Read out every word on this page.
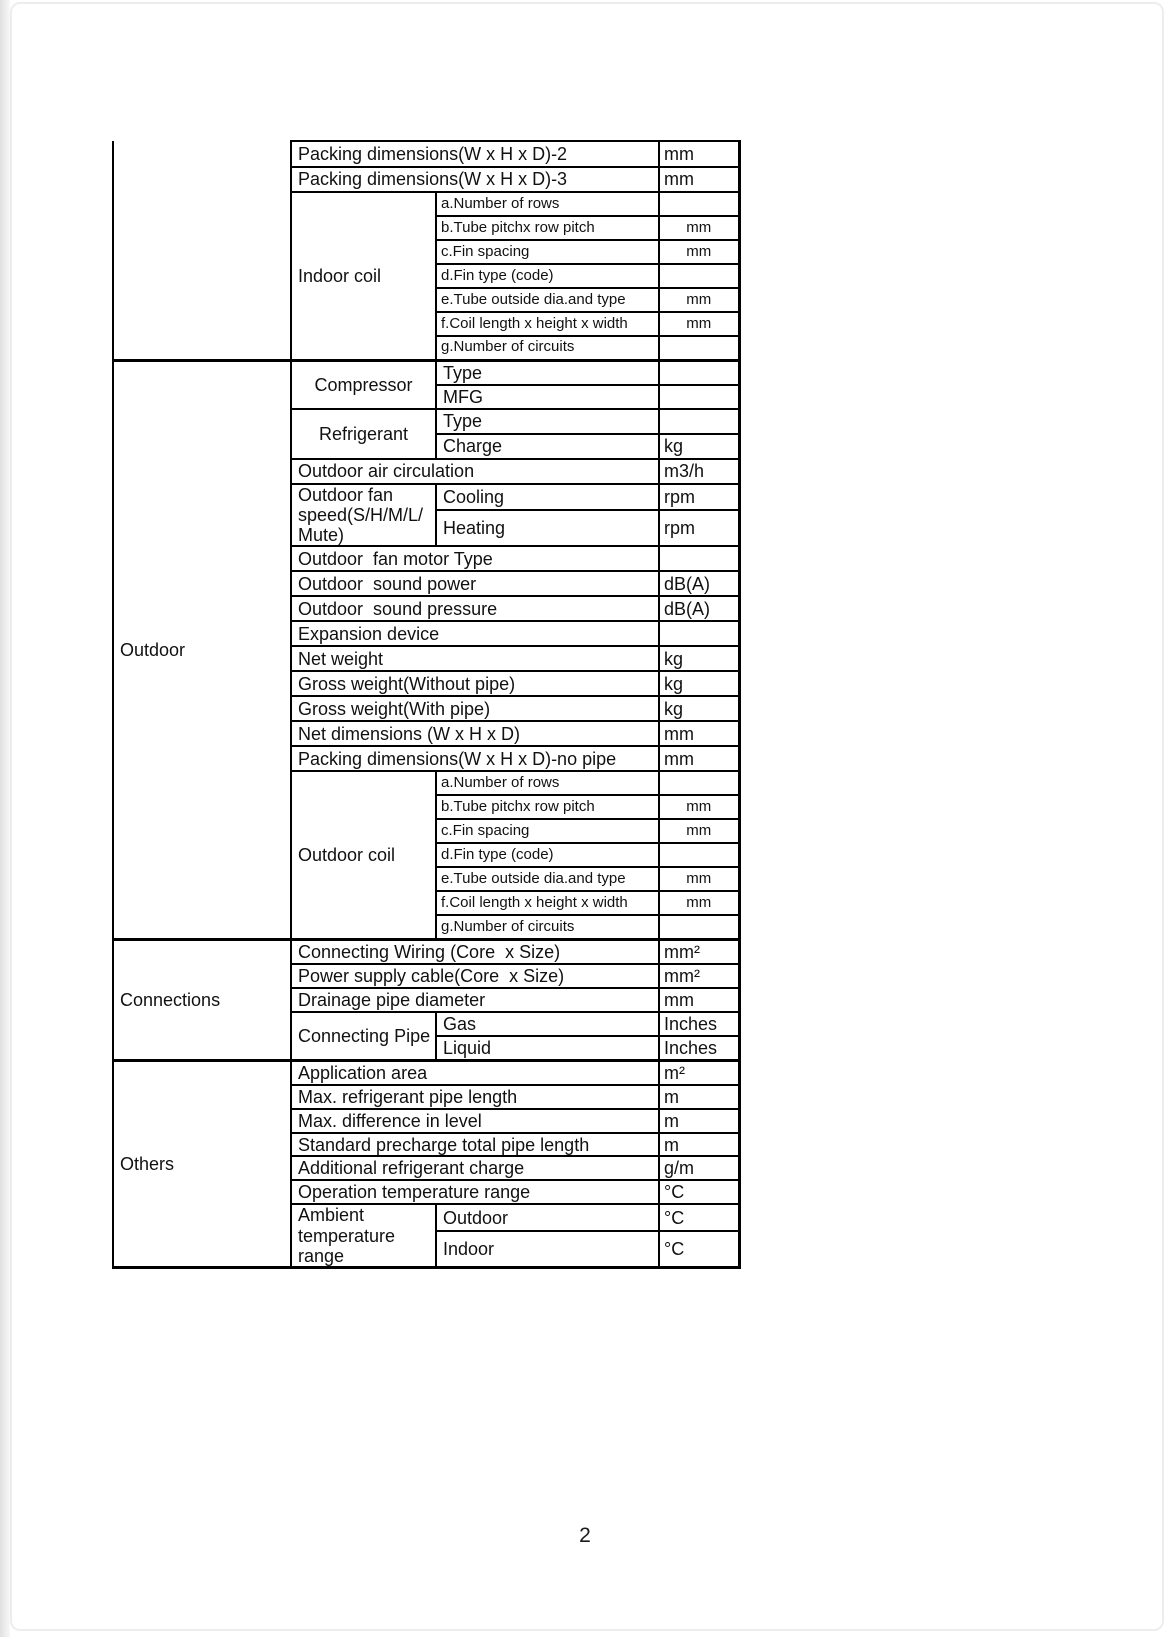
	Packing dimensions(W x H x D)-2		mm
	Packing dimensions(W x H x D)-3		mm
	Indoor coil	a.Number of rows	
		b.Tube pitchx row pitch	mm
		c.Fin spacing	mm
		d.Fin type (code)	
		e.Tube outside dia.and type	mm
		f.Coil length x height x width	mm
		g.Number of circuits	
Outdoor	Compressor	Type	
		MFG	
	Refrigerant	Type	
		Charge	kg
	Outdoor air circulation		m3/h
	Outdoor fan speed(S/H/M/L/Mute)	Cooling	rpm
		Heating	rpm
	Outdoor  fan motor Type		
	Outdoor  sound power		dB(A)
	Outdoor  sound pressure		dB(A)
	Expansion device		
	Net weight		kg
	Gross weight(Without pipe)		kg
	Gross weight(With pipe)		kg
	Net dimensions (W x H x D)		mm
	Packing dimensions(W x H x D)-no pipe		mm
	Outdoor coil	a.Number of rows	
		b.Tube pitchx row pitch	mm
		c.Fin spacing	mm
		d.Fin type (code)	
		e.Tube outside dia.and type	mm
		f.Coil length x height x width	mm
		g.Number of circuits	
Connections	Connecting Wiring (Core  x Size)		mm²
	Power supply cable(Core  x Size)		mm²
	Drainage pipe diameter		mm
	Connecting Pipe	Gas	Inches
		Liquid	Inches
Others	Application area		m²
	Max. refrigerant pipe length		m
	Max. difference in level		m
	Standard precharge total pipe length		m
	Additional refrigerant charge		g/m
	Operation temperature range		°C
	Ambient temperature range	Outdoor	°C
		Indoor	°C
2
